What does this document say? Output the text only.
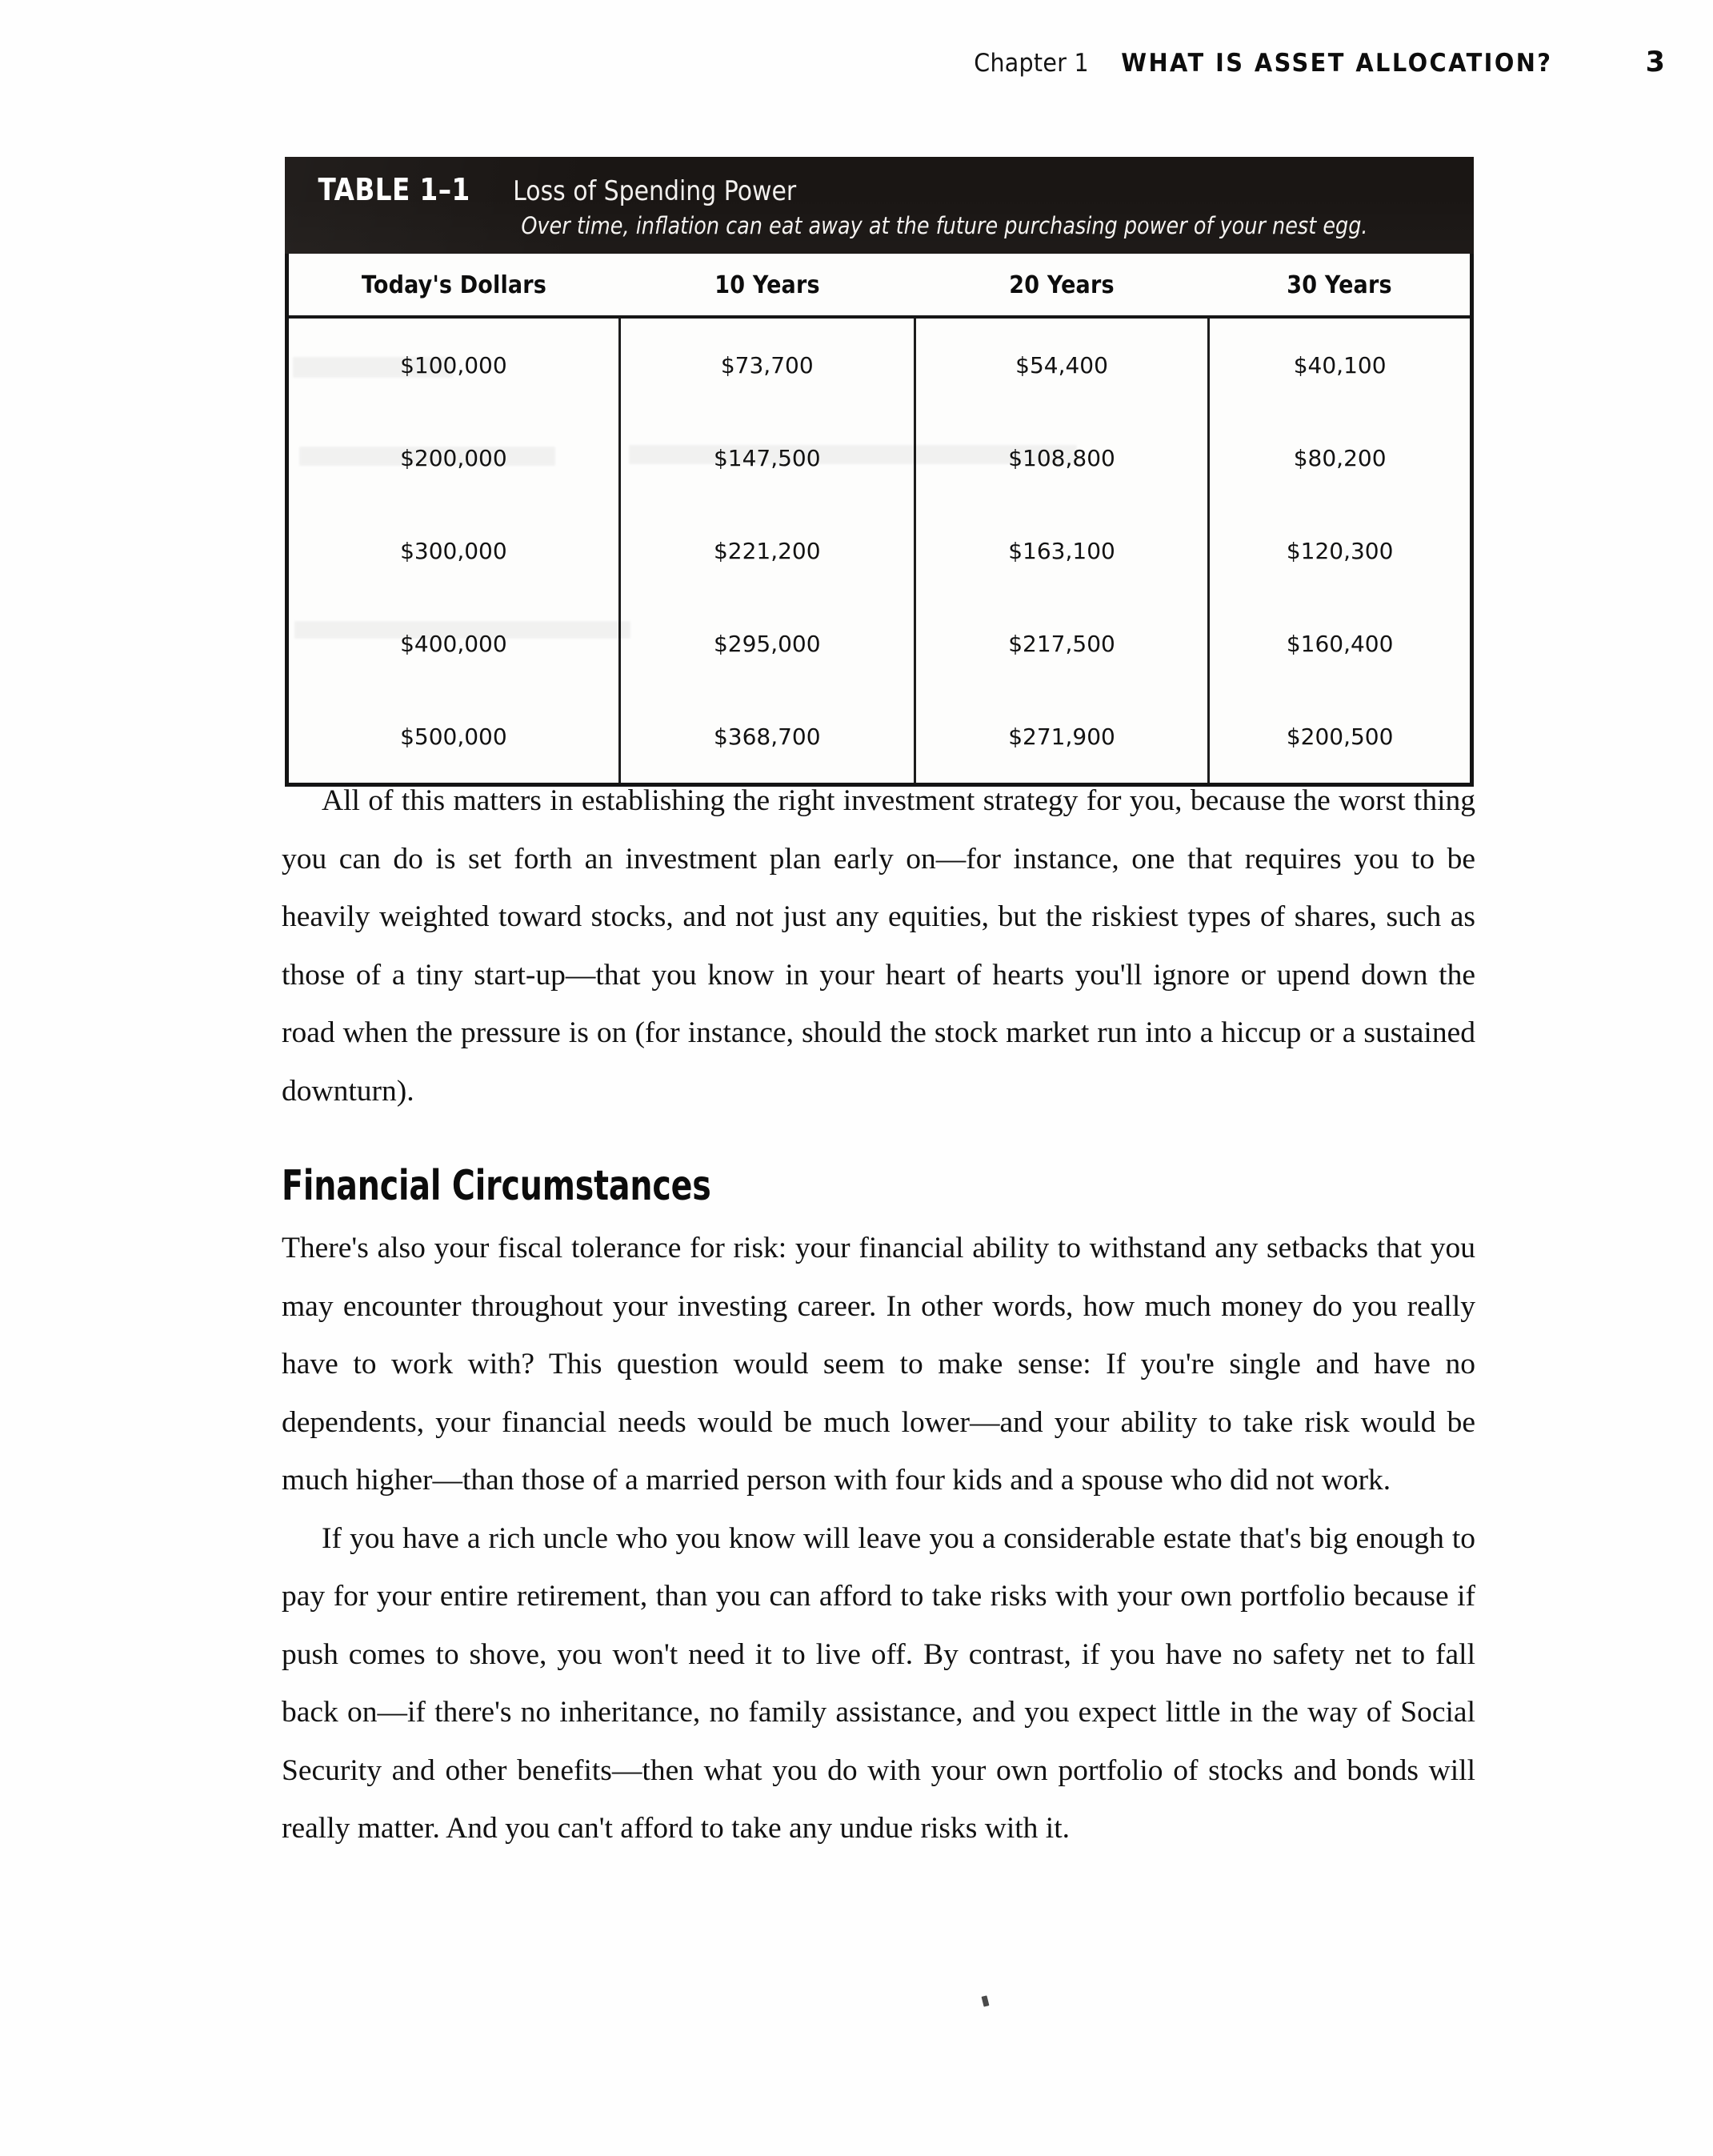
Chapter 1 WHAT IS ASSET ALLOCATION?	3
TABLE 1–1 Loss of Spending Power
Over time, inflation can eat away at the future purchasing power of your nest egg.
Today's Dollars	10 Years	20 Years	30 Years
$100,000	$73,700	$54,400	$40,100
$200,000	$147,500	$108,800	$80,200
$300,000	$221,200	$163,100	$120,300
$400,000	$295,000	$217,500	$160,400
$500,000	$368,700	$271,900	$200,500

All of this matters in establishing the right investment strategy for you, because the worst thing you can do is set forth an investment plan early on—for instance, one that requires you to be heavily weighted toward stocks, and not just any equities, but the riskiest types of shares, such as those of a tiny start-up—that you know in your heart of hearts you'll ignore or upend down the road when the pressure is on (for instance, should the stock market run into a hiccup or a sustained downturn).

Financial Circumstances

There's also your fiscal tolerance for risk: your financial ability to withstand any setbacks that you may encounter throughout your investing career. In other words, how much money do you really have to work with? This question would seem to make sense: If you're single and have no dependents, your financial needs would be much lower—and your ability to take risk would be much higher—than those of a married person with four kids and a spouse who did not work.

If you have a rich uncle who you know will leave you a considerable estate that's big enough to pay for your entire retirement, than you can afford to take risks with your own portfolio because if push comes to shove, you won't need it to live off. By contrast, if you have no safety net to fall back on—if there's no inheritance, no family assistance, and you expect little in the way of Social Security and other benefits—then what you do with your own portfolio of stocks and bonds will really matter. And you can't afford to take any undue risks with it.
